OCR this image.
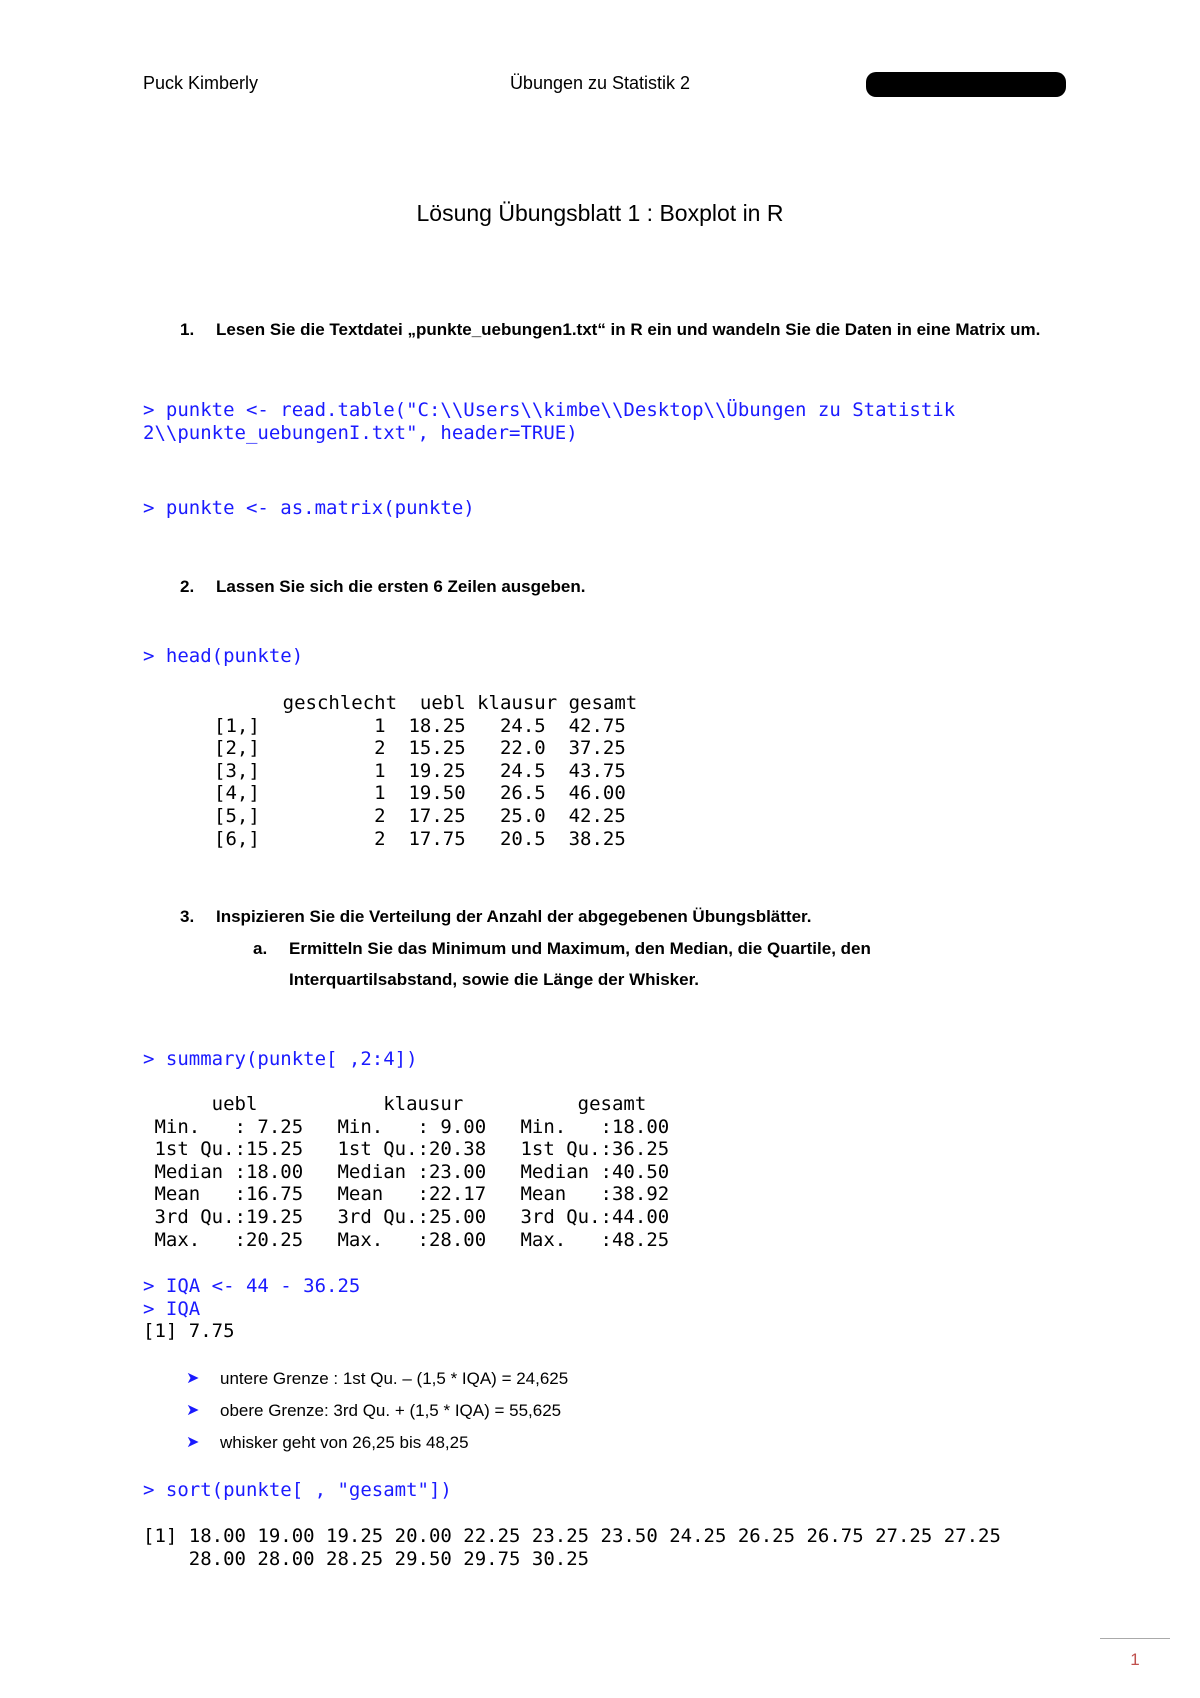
Puck Kimberly	Übungen zu Statistik 2
Lösung Übungsblatt 1 : Boxplot in R
1. Lesen Sie die Textdatei „punkte_uebungen1.txt“ in R ein und wandeln Sie die Daten in eine Matrix um.
> punkte <- read.table("C:\\Users\\kimbe\\Desktop\\Übungen zu Statistik
2\\punkte_uebungenI.txt", header=TRUE)
> punkte <- as.matrix(punkte)
2. Lassen Sie sich die ersten 6 Zeilen ausgeben.
> head(punkte)
geschlecht  uebl klausur gesamt
[1,]          1  18.25   24.5  42.75
[2,]          2  15.25   22.0  37.25
[3,]          1  19.25   24.5  43.75
[4,]          1  19.50   26.5  46.00
[5,]          2  17.25   25.0  42.25
[6,]          2  17.75   20.5  38.25
3. Inspizieren Sie die Verteilung der Anzahl der abgegebenen Übungsblätter.
a. Ermitteln Sie das Minimum und Maximum, den Median, die Quartile, den Interquartilsabstand, sowie die Länge der Whisker.
> summary(punkte[ ,2:4])
uebl           klausur          gesamt
Min.   : 7.25   Min.   : 9.00   Min.   :18.00
1st Qu.:15.25   1st Qu.:20.38   1st Qu.:36.25
Median :18.00   Median :23.00   Median :40.50
Mean   :16.75   Mean   :22.17   Mean   :38.92
3rd Qu.:19.25   3rd Qu.:25.00   3rd Qu.:44.00
Max.   :20.25   Max.   :28.00   Max.   :48.25
> IQA <- 44 - 36.25
> IQA
[1] 7.75
➤ untere Grenze : 1st Qu. – (1,5 * IQA) = 24,625
➤ obere Grenze: 3rd Qu. + (1,5 * IQA) = 55,625
➤ whisker geht von 26,25 bis 48,25
> sort(punkte[ , "gesamt"])
[1] 18.00 19.00 19.25 20.00 22.25 23.25 23.50 24.25 26.25 26.75 27.25 27.25
28.00 28.00 28.25 29.50 29.75 30.25
1
